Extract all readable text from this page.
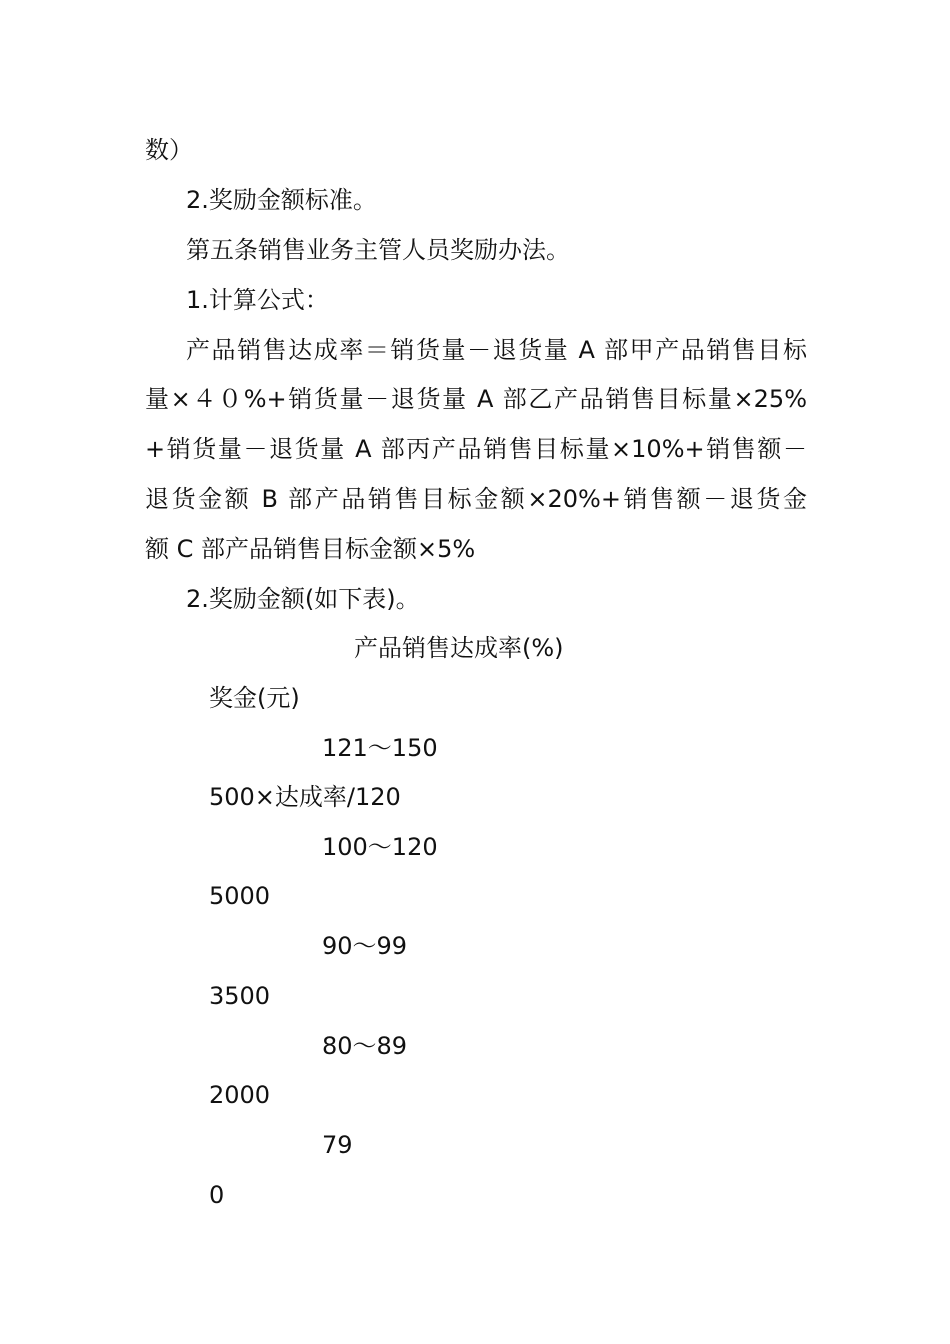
数）

2.奖励金额标准。

第五条销售业务主管人员奖励办法。

1.计算公式：

产品销售达成率＝销货量－退货量 A 部甲产品销售目标

量×４０%+销货量－退货量 A 部乙产品销售目标量×25%

+销货量－退货量 A 部丙产品销售目标量×10%+销售额－

退货金额 B 部产品销售目标金额×20%+销售额－退货金

额 C 部产品销售目标金额×5%

2.奖励金额(如下表)。

产品销售达成率(%)

奖金(元)

121～150

500×达成率/120

100～120

5000

90～99

3500

80～89

2000

79

0
